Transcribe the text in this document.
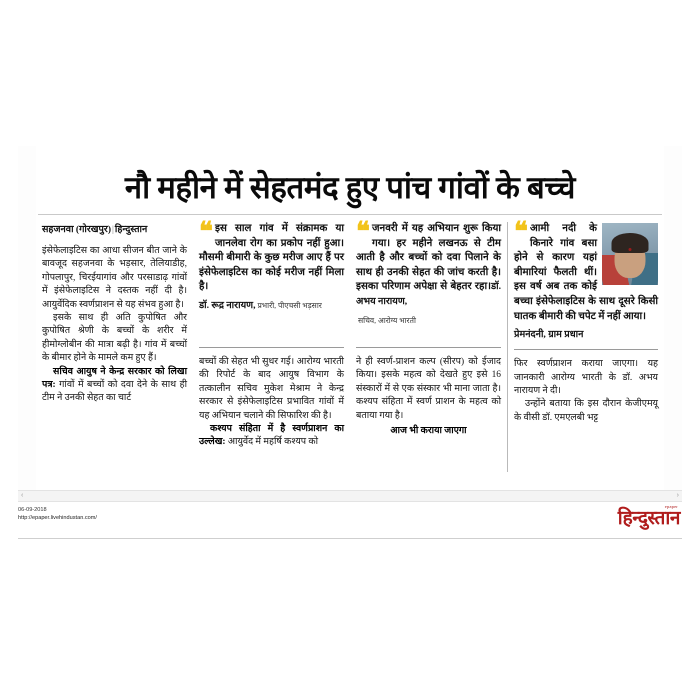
नौ महीने में सेहतमंद हुए पांच गांवों के बच्चे
सहजनवा (गोरखपुर)|हिन्दुस्तान

इंसेफेलाइटिस का आधा सीजन बीत जाने के बावजूद सहजनवा के भड़सार, तेलियाडीह, गोपलापुर, चिरईयागांव और परसाडाढ़ गांवों में इंसेफेलाइटिस ने दस्तक नहीं दी है। आयुर्वेदिक स्वर्णप्राशन से यह संभव हुआ है।

इसके साथ ही अति कुपोषित और कुपोषित श्रेणी के बच्चों के शरीर में हीमोग्लोबीन की मात्रा बढ़ी है। गांव में बच्चों के बीमार होने के मामले कम हुए हैं।

सचिव आयुष ने केन्द्र सरकार को लिखा पत्र: गांवों में बच्चों को दवा देने के साथ ही टीम ने उनकी सेहत का चार्ट

❝ इस साल गांव में संक्रामक या जानलेवा रोग का प्रकोप नहीं हुआ। मौसमी बीमारी के कुछ मरीज आए हैं पर इंसेफेलाइटिस का कोई मरीज नहीं मिला है।
डॉ. रूद्र नारायण, प्रभारी, पीएचसी भड़सार

बच्चों की सेहत भी सुधर गई। आरोग्य भारती की रिपोर्ट के बाद आयुष विभाग के तत्कालीन सचिव मुकेश मेश्राम ने केन्द्र सरकार से इंसेफेलाइटिस प्रभावित गांवों में यह अभियान चलाने की सिफारिश की है।

कश्यप संहिता में है स्वर्णप्राशन का उल्लेख: आयुर्वेद में महर्षि कश्यप को

❝ जनवरी में यह अभियान शुरू किया गया। हर महीने लखनऊ से टीम आती है और बच्चों को दवा पिलाने के साथ ही उनकी सेहत की जांच करती है। इसका परिणाम अपेक्षा से बेहतर रहा।डॉ. अभय नारायण,
सचिव, आरोग्य भारती

ने ही स्वर्ण-प्राशन कल्प (सीरप) को ईजाद किया। इसके महत्व को देखते हुए इसे 16 संस्कारों में से एक संस्कार भी माना जाता है। कश्यप संहिता में स्वर्ण प्राशन के महत्व को बताया गया है।

आज भी कराया जाएगा

❝ आमी नदी के किनारे गांव बसा होने से कारण यहां बीमारियां फैलती थीं। इस वर्ष अब तक कोई बच्चा इंसेफेलाइटिस के साथ दूसरे किसी घातक बीमारी की चपेट में नहीं आया।
प्रेमनंदनी, ग्राम प्रधान

फिर स्वर्णप्राशन कराया जाएगा। यह जानकारी आरोग्य भारती के डॉ. अभय नारायण ने दी।

उन्होंने बताया कि इस दौरान केजीएमयू के वीसी डॉ. एमएलबी भट्ट

‹	›
06-09-2018
http://epaper.livehindustan.com/
epaper
हिन्दुस्तान
